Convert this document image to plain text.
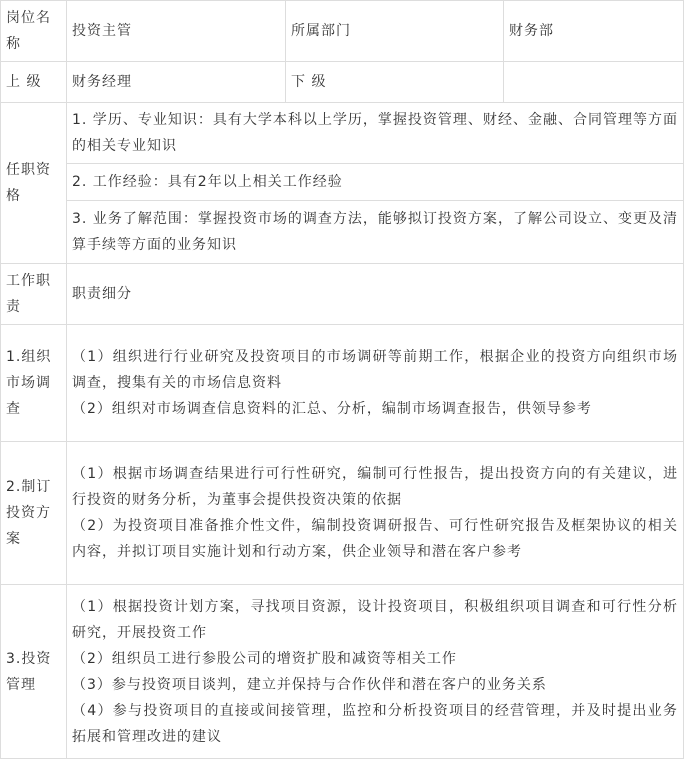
岗位名称	投资主管	所属部门	财务部
上 级	财务经理	下 级	
任职资格	1. 学历、专业知识：具有大学本科以上学历，掌握投资管理、财经、金融、合同管理等方面的相关专业知识		
	2. 工作经验：具有2年以上相关工作经验		
	3. 业务了解范围：掌握投资市场的调查方法，能够拟订投资方案，了解公司设立、变更及清算手续等方面的业务知识		
工作职责	职责细分		
1.组织市场调查	（1）组织进行行业研究及投资项目的市场调研等前期工作，根据企业的投资方向组织市场调查，搜集有关的市场信息资料
（2）组织对市场调查信息资料的汇总、分析，编制市场调查报告，供领导参考		

2.制订投资方案	（1）根据市场调查结果进行可行性研究，编制可行性报告，提出投资方向的有关建议，进行投资的财务分析，为董事会提供投资决策的依据
（2）为投资项目准备推介性文件，编制投资调研报告、可行性研究报告及框架协议的相关内容，并拟订项目实施计划和行动方案，供企业领导和潜在客户参考		

3.投资管理	（1）根据投资计划方案，寻找项目资源，设计投资项目，积极组织项目调查和可行性分析研究，开展投资工作
（2）组织员工进行参股公司的增资扩股和减资等相关工作
（3）参与投资项目谈判，建立并保持与合作伙伴和潜在客户的业务关系
（4）参与投资项目的直接或间接管理，监控和分析投资项目的经营管理，并及时提出业务拓展和管理改进的建议		
